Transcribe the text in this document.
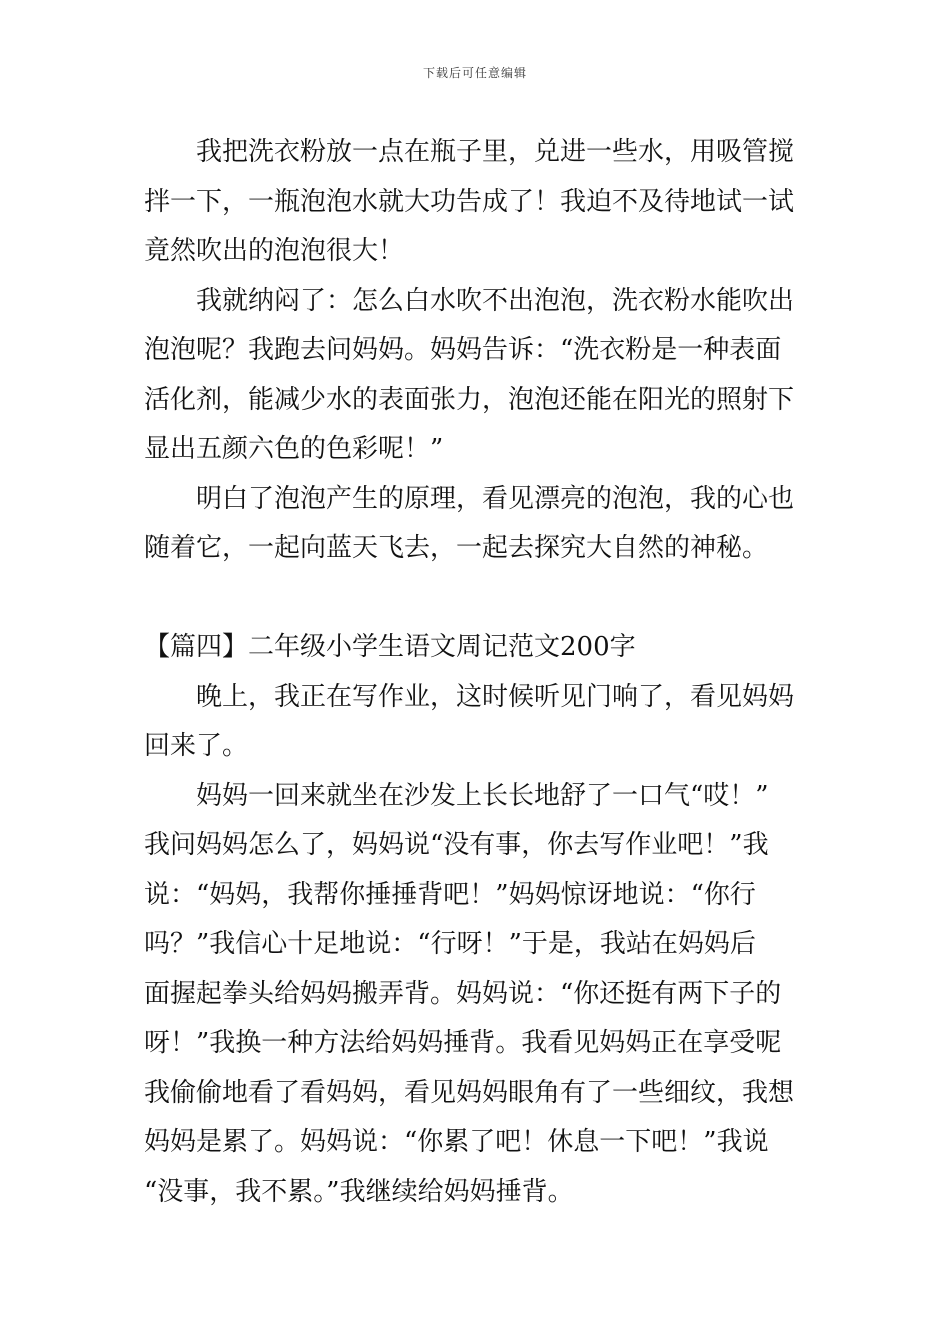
下载后可任意编辑
我把洗衣粉放一点在瓶子里，兑进一些水，用吸管搅
拌一下，一瓶泡泡水就大功告成了！我迫不及待地试一试
竟然吹出的泡泡很大！
我就纳闷了：怎么白水吹不出泡泡，洗衣粉水能吹出
泡泡呢？我跑去问妈妈。妈妈告诉：“洗衣粉是一种表面
活化剂，能减少水的表面张力，泡泡还能在阳光的照射下
显出五颜六色的色彩呢！”
明白了泡泡产生的原理，看见漂亮的泡泡，我的心也
随着它，一起向蓝天飞去，一起去探究大自然的神秘。
【篇四】二年级小学生语文周记范文200字
晚上，我正在写作业，这时候听见门响了，看见妈妈
回来了。
妈妈一回来就坐在沙发上长长地舒了一口气“哎！”
我问妈妈怎么了，妈妈说“没有事，你去写作业吧！”我
说：“妈妈，我帮你捶捶背吧！”妈妈惊讶地说：“你行
吗？”我信心十足地说：“行呀！”于是，我站在妈妈后
面握起拳头给妈妈搬弄背。妈妈说：“你还挺有两下子的
呀！”我换一种方法给妈妈捶背。我看见妈妈正在享受呢
我偷偷地看了看妈妈，看见妈妈眼角有了一些细纹，我想
妈妈是累了。妈妈说：“你累了吧！休息一下吧！”我说
“没事，我不累。”我继续给妈妈捶背。
